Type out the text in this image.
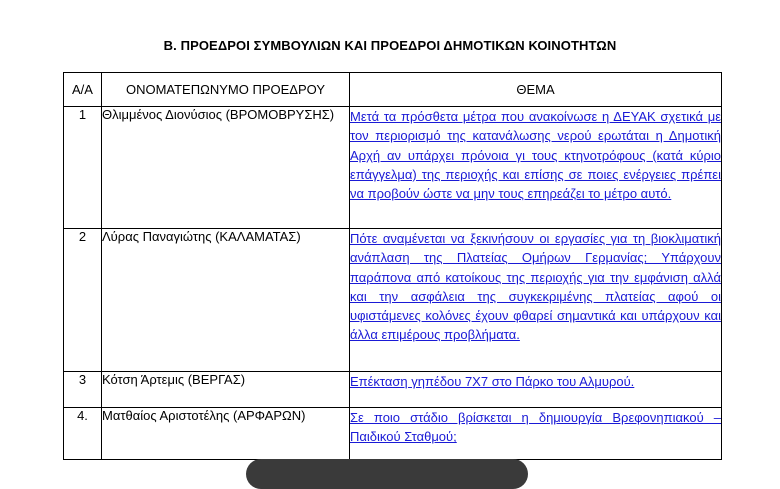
Β. ΠΡΟΕΔΡΟΙ ΣΥΜΒΟΥΛΙΩΝ ΚΑΙ ΠΡΟΕΔΡΟΙ ΔΗΜΟΤΙΚΩΝ ΚΟΙΝΟΤΗΤΩΝ
Α/Α	ΟΝΟΜΑΤΕΠΩΝΥΜΟ ΠΡΟΕΔΡΟΥ	ΘΕΜΑ
1	Θλιμμένος Διονύσιος (ΒΡΟΜΟΒΡΥΣΗΣ)	Μετά τα πρόσθετα μέτρα που ανακοίνωσε η ΔΕΥΑΚ σχετικά με τον περιορισμό της κατανάλωσης νερού ερωτάται η Δημοτική Αρχή αν υπάρχει πρόνοια γι τους κτηνοτρόφους (κατά κύριο επάγγελμα) της περιοχής και επίσης σε ποιες ενέργειες πρέπει να προβούν ώστε να μην τους επηρεάζει το μέτρο αυτό.
2	Λύρας Παναγιώτης (ΚΑΛΑΜΑΤΑΣ)	Πότε αναμένεται να ξεκινήσουν οι εργασίες για τη βιοκλιματική ανάπλαση της Πλατείας Ομήρων Γερμανίας; Υπάρχουν παράπονα από κατοίκους της περιοχής για την εμφάνιση αλλά και την ασφάλεια της συγκεκριμένης πλατείας αφού οι υφιστάμενες κολόνες έχουν φθαρεί σημαντικά και υπάρχουν και άλλα επιμέρους προβλήματα.
3	Κότση Άρτεμις (ΒΕΡΓΑΣ)	Επέκταση γηπέδου 7Χ7 στο Πάρκο του Αλμυρού.
4.	Ματθαίος Αριστοτέλης (ΑΡΦΑΡΩΝ)	Σε ποιο στάδιο βρίσκεται η δημιουργία Βρεφονηπιακού – Παιδικού Σταθμού;
